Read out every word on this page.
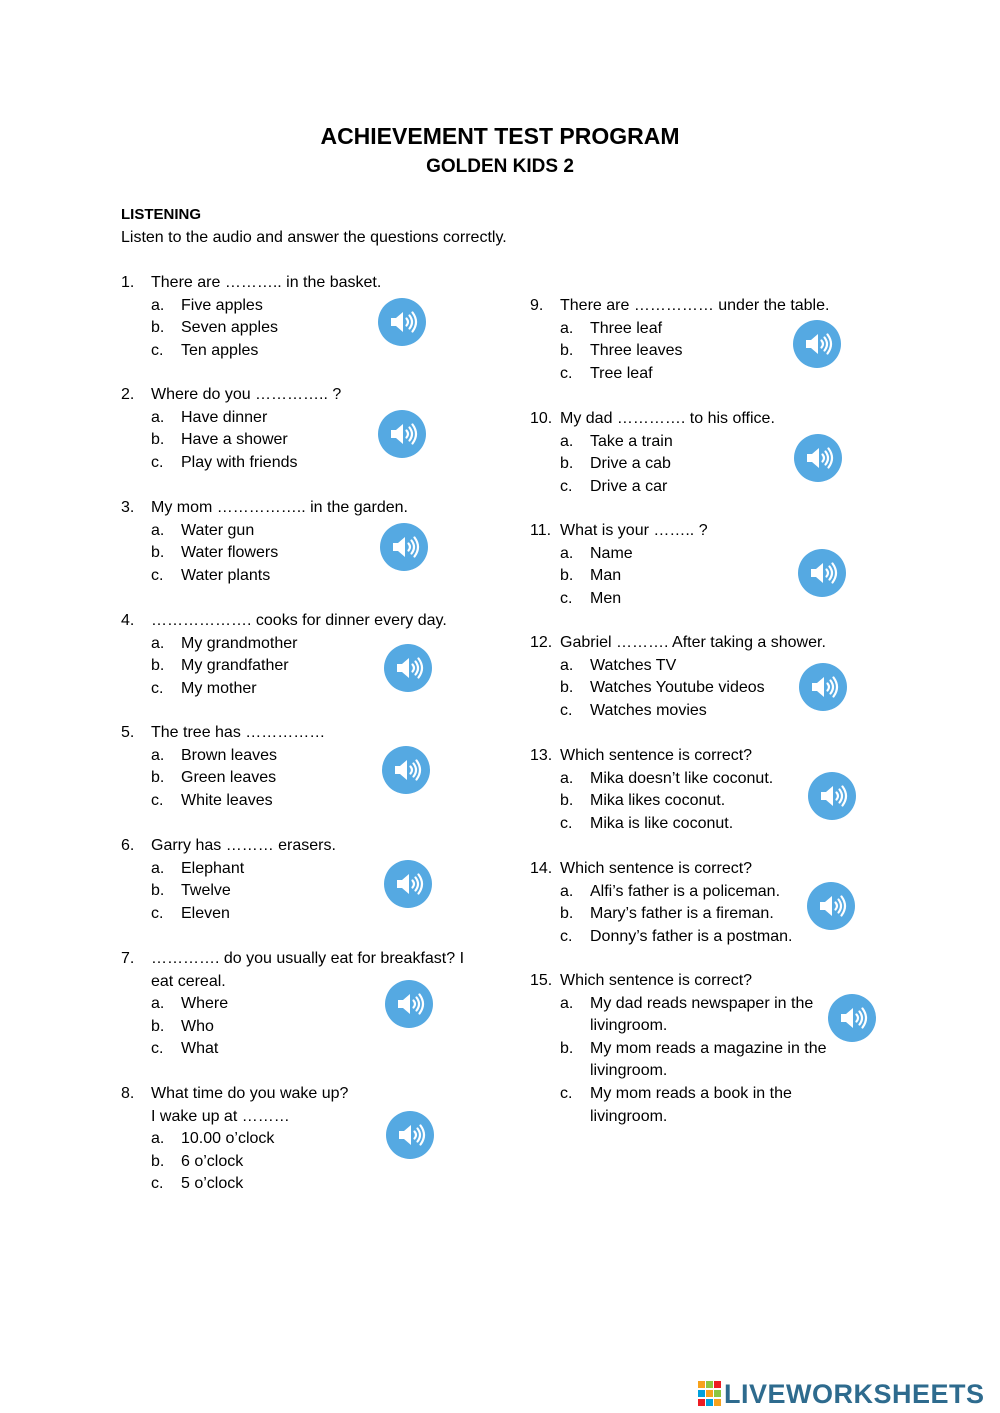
ACHIEVEMENT TEST PROGRAM
GOLDEN KIDS 2
LISTENING
Listen to the audio and answer the questions correctly.
1. There are ……….. in the basket.
a. Five apples
b. Seven apples
c. Ten apples
2. Where do you ………….. ?
a. Have dinner
b. Have a shower
c. Play with friends
3. My mom …………….. in the garden.
a. Water gun
b. Water flowers
c. Water plants
4. ………………. cooks for dinner every day.
a. My grandmother
b. My grandfather
c. My mother
5. The tree has ……………
a. Brown leaves
b. Green leaves
c. White leaves
6. Garry has ……… erasers.
a. Elephant
b. Twelve
c. Eleven
7. …………. do you usually eat for breakfast? I
eat cereal.
a. Where
b. Who
c. What
8. What time do you wake up?
I wake up at ………
a. 10.00 o’clock
b. 6 o’clock
c. 5 o’clock
9. There are …………… under the table.
a. Three leaf
b. Three leaves
c. Tree leaf
10. My dad …………. to his office.
a. Take a train
b. Drive a cab
c. Drive a car
11. What is your …….. ?
a. Name
b. Man
c. Men
12. Gabriel ………. After taking a shower.
a. Watches TV
b. Watches Youtube videos
c. Watches movies
13. Which sentence is correct?
a. Mika doesn’t like coconut.
b. Mika likes coconut.
c. Mika is like coconut.
14. Which sentence is correct?
a. Alfi’s father is a policeman.
b. Mary’s father is a fireman.
c. Donny’s father is a postman.
15. Which sentence is correct?
a. My dad reads newspaper in the
livingroom.
b. My mom reads a magazine in the
livingroom.
c. My mom reads a book in the
livingroom.
LIVEWORKSHEETS
